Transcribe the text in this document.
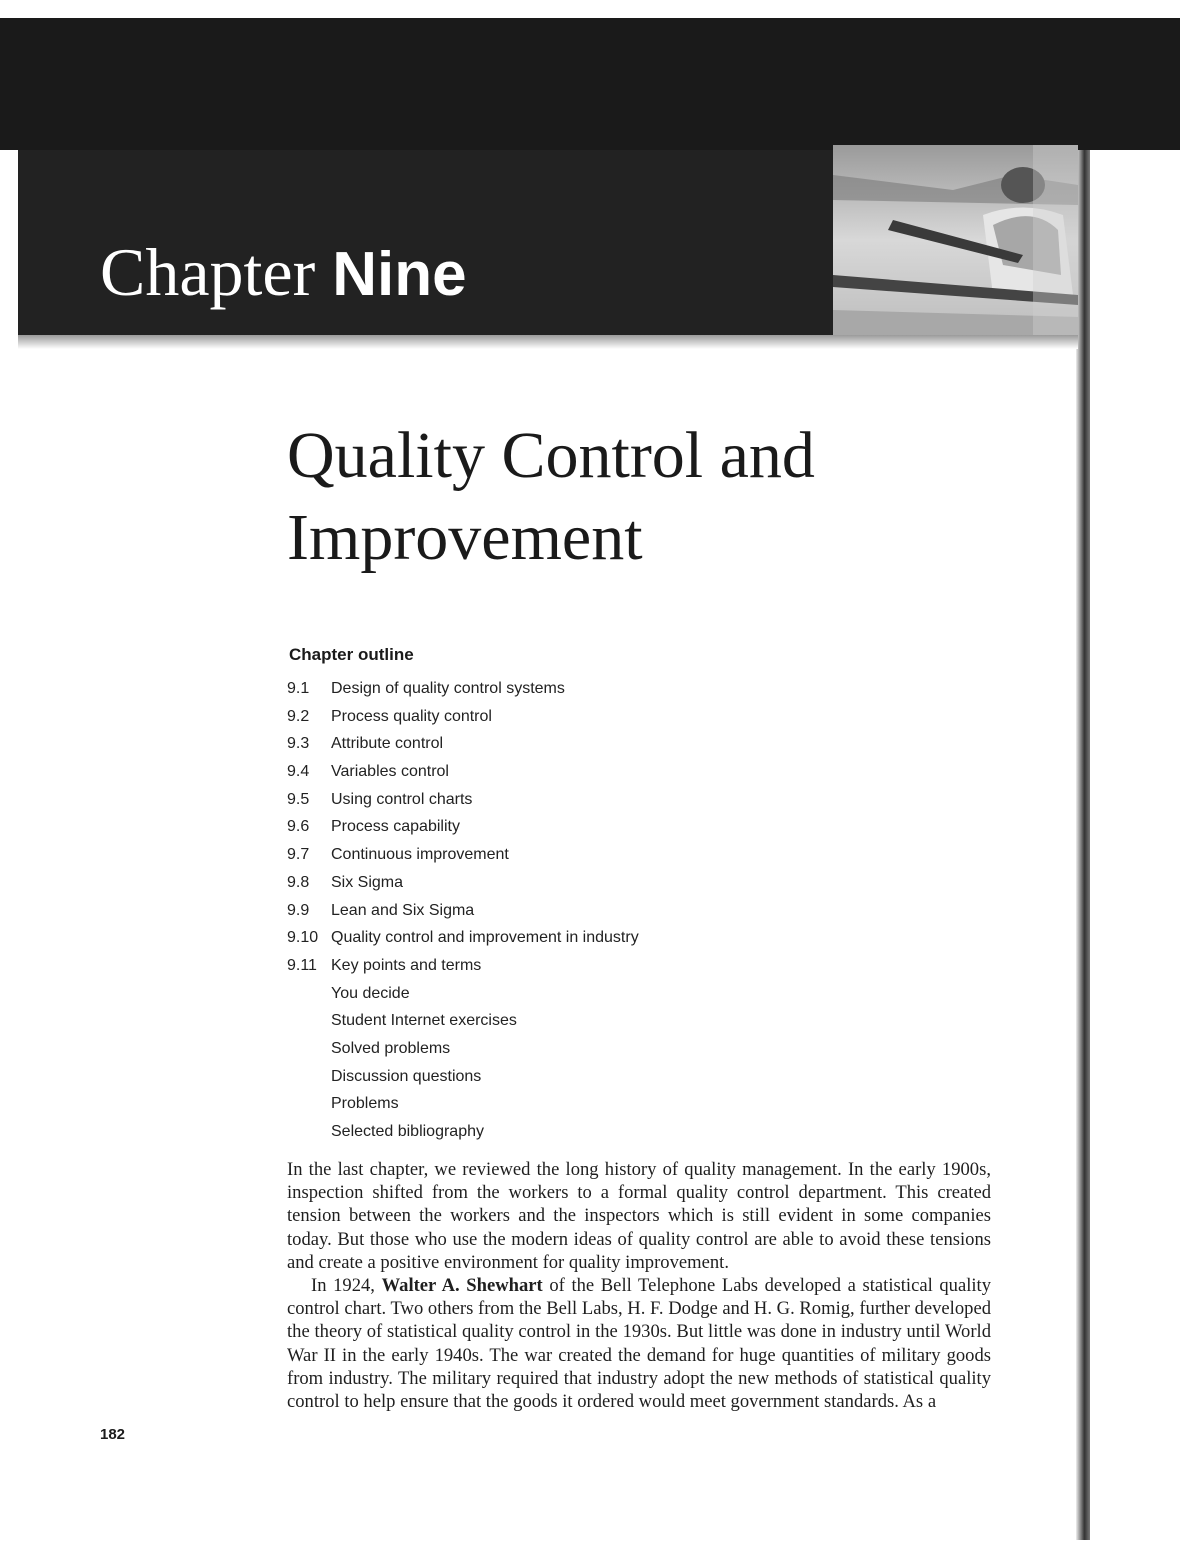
Chapter Nine
Quality Control and
Improvement
Chapter outline
9.1 Design of quality control systems
9.2 Process quality control
9.3 Attribute control
9.4 Variables control
9.5 Using control charts
9.6 Process capability
9.7 Continuous improvement
9.8 Six Sigma
9.9 Lean and Six Sigma
9.10 Quality control and improvement in industry
9.11 Key points and terms
You decide
Student Internet exercises
Solved problems
Discussion questions
Problems
Selected bibliography

In the last chapter, we reviewed the long history of quality management. In the early 1900s, inspection shifted from the workers to a formal quality control department. This created tension between the workers and the inspectors which is still evident in some companies today. But those who use the modern ideas of quality control are able to avoid these tensions and create a positive environment for quality improvement.

In 1924, Walter A. Shewhart of the Bell Telephone Labs developed a statistical quality control chart. Two others from the Bell Labs, H. F. Dodge and H. G. Romig, further developed the theory of statistical quality control in the 1930s. But little was done in industry until World War II in the early 1940s. The war created the demand for huge quantities of military goods from industry. The military required that industry adopt the new methods of statistical quality control to help ensure that the goods it ordered would meet government standards. As a

182
